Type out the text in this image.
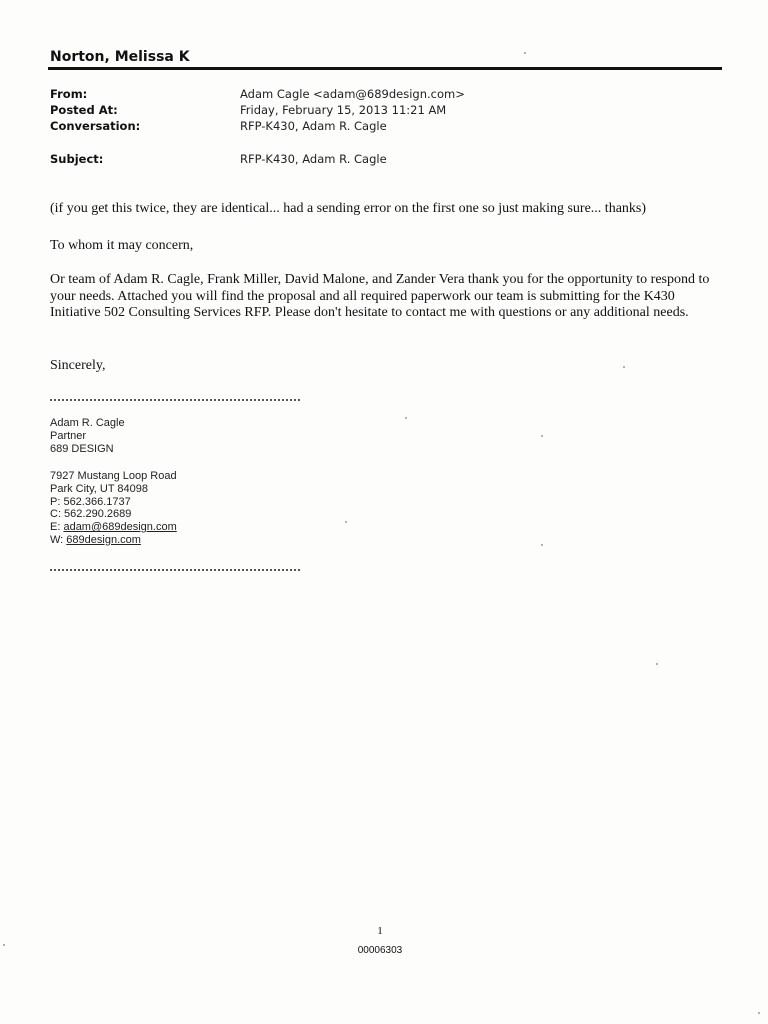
Norton, Melissa K
From:	Adam Cagle <adam@689design.com>
Posted At:	Friday, February 15, 2013 11:21 AM
Conversation:	RFP-K430, Adam R. Cagle
Subject:	RFP-K430, Adam R. Cagle
(if you get this twice, they are identical... had a sending error on the first one so just making sure... thanks)
To whom it may concern,
Or team of Adam R. Cagle, Frank Miller, David Malone, and Zander Vera thank you for the opportunity to respond to your needs. Attached you will find the proposal and all required paperwork our team is submitting for the K430 Initiative 502 Consulting Services RFP. Please don't hesitate to contact me with questions or any additional needs.
Sincerely,
Adam R. Cagle
Partner
689 DESIGN
7927 Mustang Loop Road
Park City, UT 84098
P: 562.366.1737
C: 562.290.2689
E: adam@689design.com
W: 689design.com
1
00006303
